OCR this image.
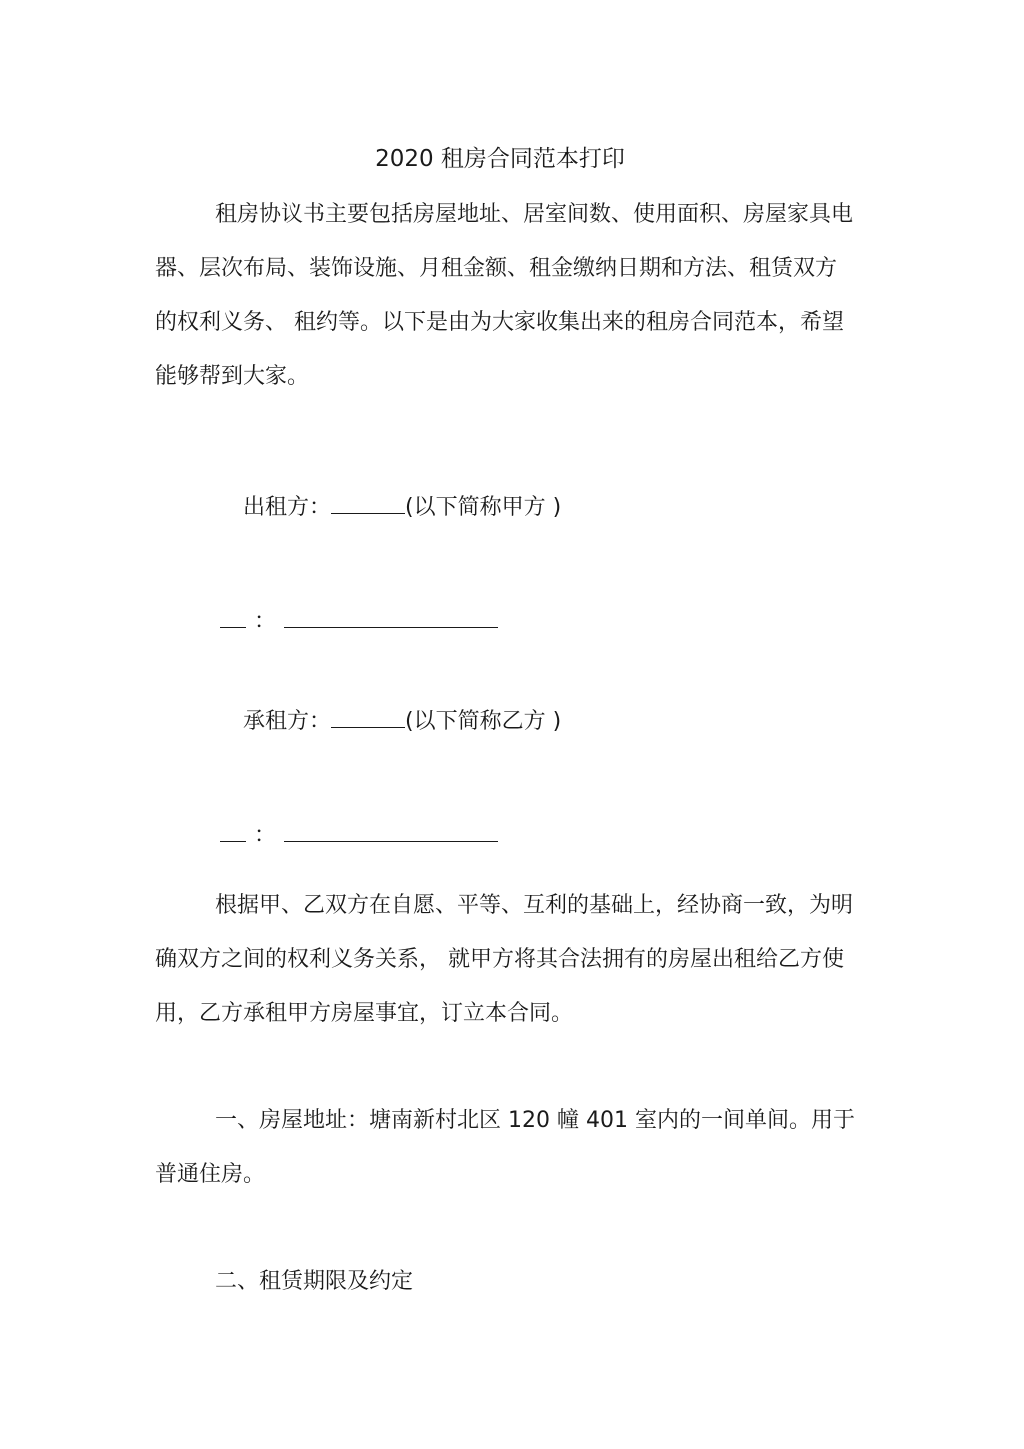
2020 租房合同范本打印

租房协议书主要包括房屋地址、居室间数、使用面积、房屋家具电器、层次布局、装饰设施、月租金额、租金缴纳日期和方法、租赁双方的权利义务、 租约等。以下是由为大家收集出来的租房合同范本，希望能够帮到大家。

出租方：	(以下简称甲方 )

：

承租方：	(以下简称乙方 )

：

根据甲、乙双方在自愿、平等、互利的基础上，经协商一致，为明确双方之间的权利义务关系， 就甲方将其合法拥有的房屋出租给乙方使用，乙方承租甲方房屋事宜，订立本合同。

一、房屋地址：塘南新村北区 120 幢 401 室内的一间单间。用于普通住房。

二、租赁期限及约定
